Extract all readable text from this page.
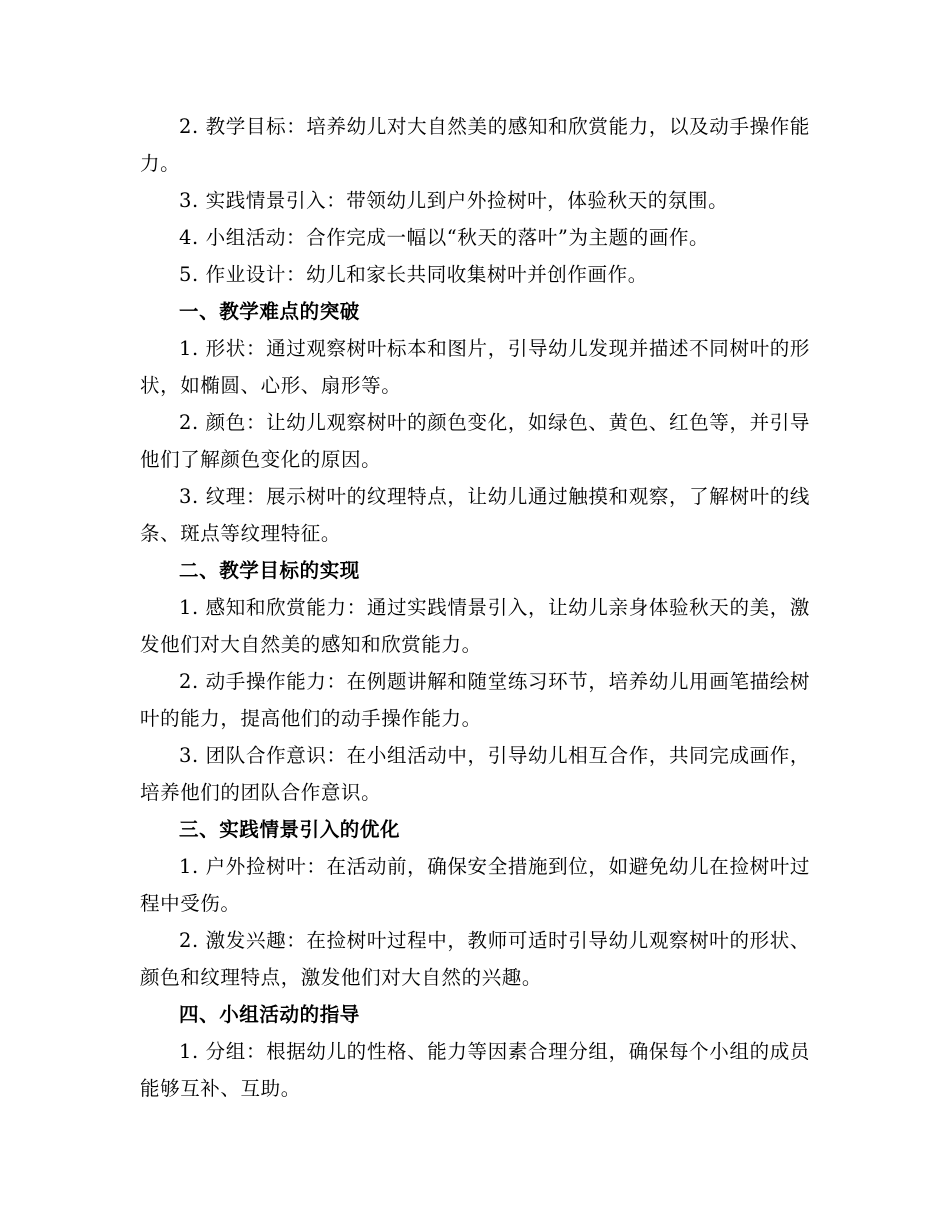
2. 教学目标：培养幼儿对大自然美的感知和欣赏能力，以及动手操作能力。

3. 实践情景引入：带领幼儿到户外捡树叶，体验秋天的氛围。

4. 小组活动：合作完成一幅以“秋天的落叶”为主题的画作。

5. 作业设计：幼儿和家长共同收集树叶并创作画作。

一、教学难点的突破

1. 形状：通过观察树叶标本和图片，引导幼儿发现并描述不同树叶的形状，如椭圆、心形、扇形等。

2. 颜色：让幼儿观察树叶的颜色变化，如绿色、黄色、红色等，并引导他们了解颜色变化的原因。

3. 纹理：展示树叶的纹理特点，让幼儿通过触摸和观察，了解树叶的线条、斑点等纹理特征。

二、教学目标的实现

1. 感知和欣赏能力：通过实践情景引入，让幼儿亲身体验秋天的美，激发他们对大自然美的感知和欣赏能力。

2. 动手操作能力：在例题讲解和随堂练习环节，培养幼儿用画笔描绘树叶的能力，提高他们的动手操作能力。

3. 团队合作意识：在小组活动中，引导幼儿相互合作，共同完成画作，培养他们的团队合作意识。

三、实践情景引入的优化

1. 户外捡树叶：在活动前，确保安全措施到位，如避免幼儿在捡树叶过程中受伤。

2. 激发兴趣：在捡树叶过程中，教师可适时引导幼儿观察树叶的形状、颜色和纹理特点，激发他们对大自然的兴趣。

四、小组活动的指导

1. 分组：根据幼儿的性格、能力等因素合理分组，确保每个小组的成员能够互补、互助。
